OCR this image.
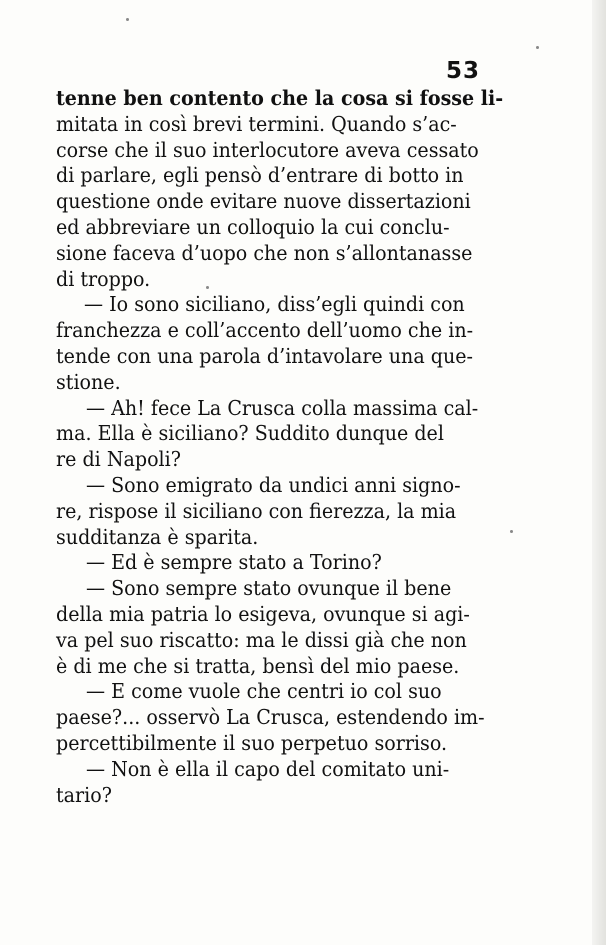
53
tenne ben contento che la cosa si fosse li-
mitata in così brevi termini. Quando s’ac-
corse che il suo interlocutore aveva cessato
di parlare, egli pensò d’entrare di botto in
questione onde evitare nuove dissertazioni
ed abbreviare un colloquio la cui conclu-
sione faceva d’uopo che non s’allontanasse
di troppo.
— Io sono siciliano, diss’egli quindi con
franchezza e coll’accento dell’uomo che in-
tende con una parola d’intavolare una que-
stione.
— Ah! fece La Crusca colla massima cal-
ma. Ella è siciliano? Suddito dunque del
re di Napoli?
— Sono emigrato da undici anni signo-
re, rispose il siciliano con fierezza, la mia
sudditanza è sparita.
— Ed è sempre stato a Torino?
— Sono sempre stato ovunque il bene
della mia patria lo esigeva, ovunque si agi-
va pel suo riscatto: ma le dissi già che non
è di me che si tratta, bensì del mio paese.
— E come vuole che centri io col suo
paese?... osservò La Crusca, estendendo im-
percettibilmente il suo perpetuo sorriso.
— Non è ella il capo del comitato uni-
tario?
